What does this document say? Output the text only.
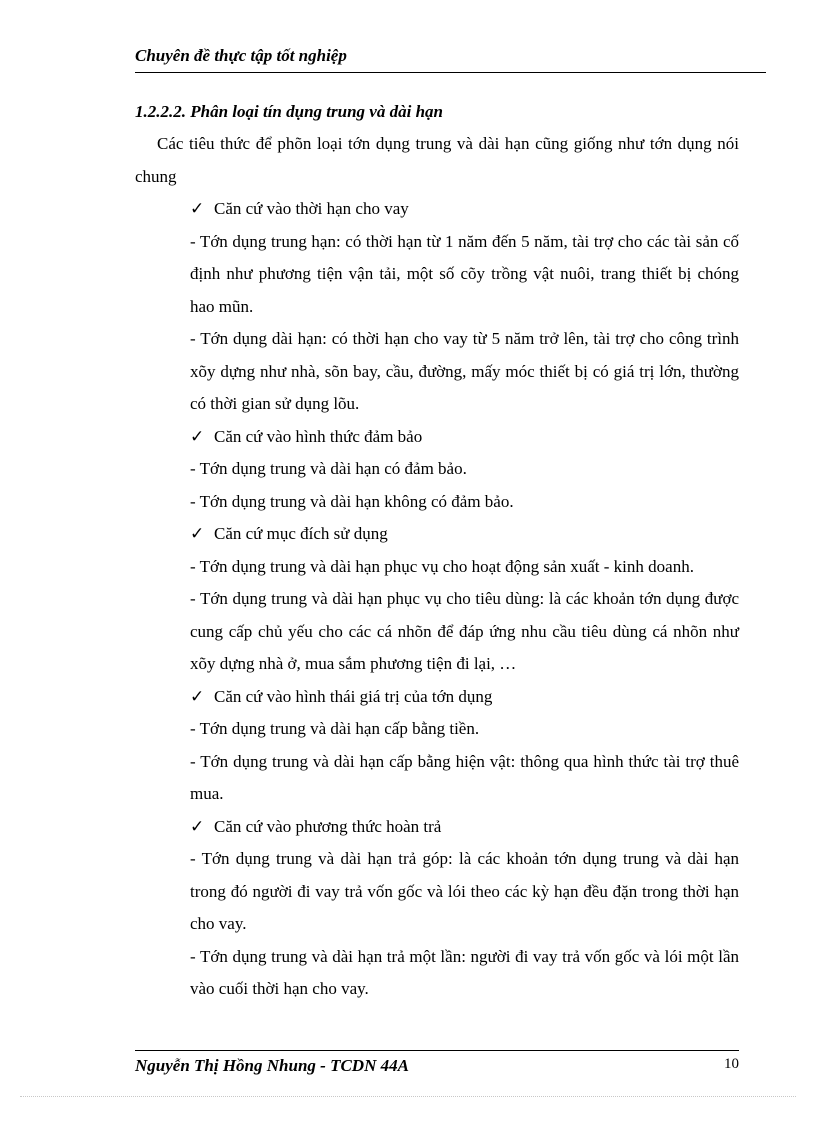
Chuyên đề thực tập tốt nghiệp
1.2.2.2. Phân loại tín dụng trung và dài hạn

Các tiêu thức để phõn loại tớn dụng trung và dài hạn cũng giống như tớn dụng nói chung

✓ Căn cứ vào thời hạn cho vay

- Tớn dụng trung hạn: có thời hạn từ 1 năm đến 5 năm, tài trợ cho các tài sản cố định như phương tiện vận tải, một số cõy trồng vật nuôi, trang thiết bị chóng hao mũn.

- Tớn dụng dài hạn: có thời hạn cho vay từ 5 năm trở lên, tài trợ cho công trình xõy dựng như nhà, sõn bay, cầu, đường, mấy móc thiết bị có giá trị lớn, thường có thời gian sử dụng lõu.

✓ Căn cứ vào hình thức đảm bảo

- Tớn dụng trung và dài hạn có đảm bảo.

- Tớn dụng trung và dài hạn không có đảm bảo.

✓ Căn cứ mục đích sử dụng

- Tớn dụng trung và dài hạn phục vụ cho hoạt động sản xuất - kinh doanh.

- Tớn dụng trung và dài hạn phục vụ cho tiêu dùng: là các khoản tớn dụng được cung cấp chủ yếu cho các cá nhõn để đáp ứng nhu cầu tiêu dùng cá nhõn như xõy dựng nhà ở, mua sắm phương tiện đi lại, …

✓ Căn cứ vào hình thái giá trị của tớn dụng

- Tớn dụng trung và dài hạn cấp bằng tiền.

- Tớn dụng trung và dài hạn cấp bằng hiện vật: thông qua hình thức tài trợ thuê mua.

✓ Căn cứ vào phương thức hoàn trả

- Tớn dụng trung và dài hạn trả góp: là các khoản tớn dụng trung và dài hạn trong đó người đi vay trả vốn gốc và lói theo các kỳ hạn đều đặn trong thời hạn cho vay.

- Tớn dụng trung và dài hạn trả một lần: người đi vay trả vốn gốc và lói một lần vào cuối thời hạn cho vay.

Nguyễn Thị Hồng Nhung - TCDN 44A	10
